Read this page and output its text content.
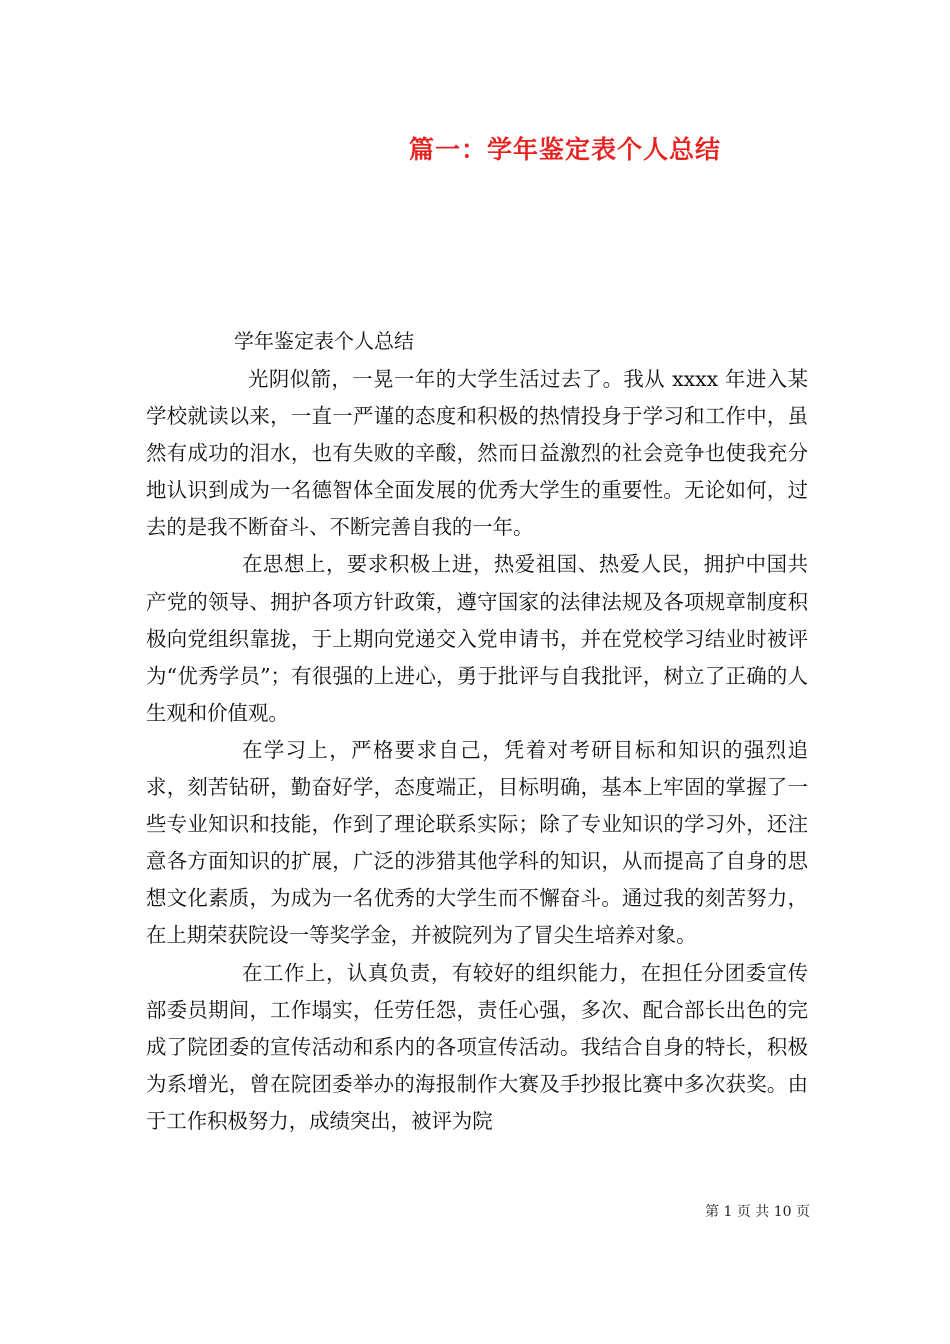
篇一：学年鉴定表个人总结
学年鉴定表个人总结

光阴似箭，一晃一年的大学生活过去了。我从 xxxx 年进入某学校就读以来，一直一严谨的态度和积极的热情投身于学习和工作中，虽然有成功的泪水，也有失败的辛酸，然而日益激烈的社会竞争也使我充分地认识到成为一名德智体全面发展的优秀大学生的重要性。无论如何，过去的是我不断奋斗、不断完善自我的一年。

在思想上，要求积极上进，热爱祖国、热爱人民，拥护中国共产党的领导、拥护各项方针政策，遵守国家的法律法规及各项规章制度积极向党组织靠拢，于上期向党递交入党申请书，并在党校学习结业时被评为“优秀学员”；有很强的上进心，勇于批评与自我批评，树立了正确的人生观和价值观。

在学习上，严格要求自己，凭着对考研目标和知识的强烈追求，刻苦钻研，勤奋好学，态度端正，目标明确，基本上牢固的掌握了一些专业知识和技能，作到了理论联系实际；除了专业知识的学习外，还注意各方面知识的扩展，广泛的涉猎其他学科的知识，从而提高了自身的思想文化素质，为成为一名优秀的大学生而不懈奋斗。通过我的刻苦努力，在上期荣获院设一等奖学金，并被院列为了冒尖生培养对象。

在工作上，认真负责，有较好的组织能力，在担任分团委宣传部委员期间，工作塌实，任劳任怨，责任心强，多次、配合部长出色的完成了院团委的宣传活动和系内的各项宣传活动。我结合自身的特长，积极为系增光，曾在院团委举办的海报制作大赛及手抄报比赛中多次获奖。由于工作积极努力，成绩突出，被评为院

第 1 页 共 10 页
